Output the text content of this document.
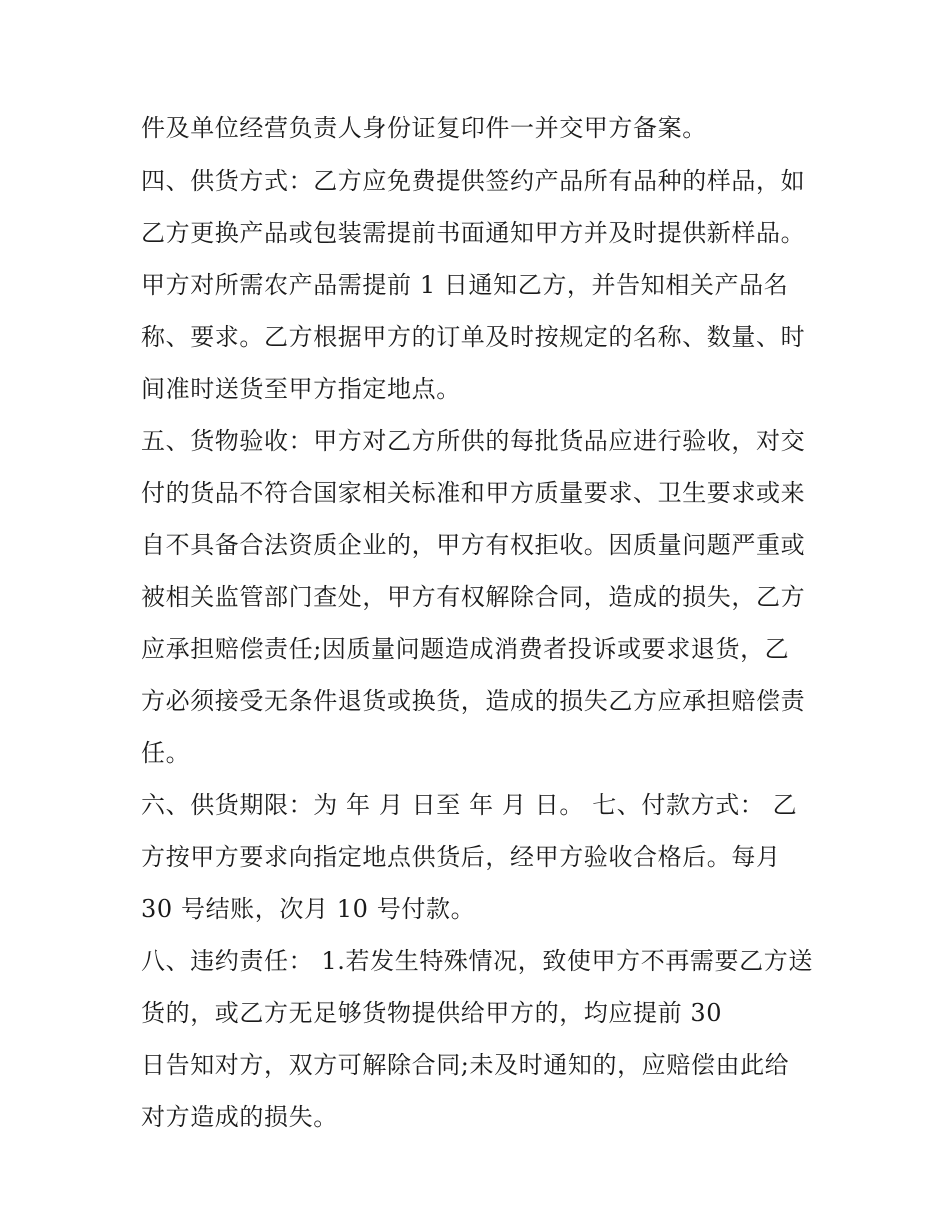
件及单位经营负责人身份证复印件一并交甲方备案。
四、供货方式：乙方应免费提供签约产品所有品种的样品，如
乙方更换产品或包装需提前书面通知甲方并及时提供新样品。
甲方对所需农产品需提前 1 日通知乙方，并告知相关产品名
称、要求。乙方根据甲方的订单及时按规定的名称、数量、时
间准时送货至甲方指定地点。
五、货物验收：甲方对乙方所供的每批货品应进行验收，对交
付的货品不符合国家相关标准和甲方质量要求、卫生要求或来
自不具备合法资质企业的，甲方有权拒收。因质量问题严重或
被相关监管部门查处，甲方有权解除合同，造成的损失，乙方
应承担赔偿责任;因质量问题造成消费者投诉或要求退货，乙
方必须接受无条件退货或换货，造成的损失乙方应承担赔偿责
任。
六、供货期限：为 年 月 日至 年 月 日。 七、付款方式： 乙
方按甲方要求向指定地点供货后，经甲方验收合格后。每月
30 号结账，次月 10 号付款。
八、违约责任： 1.若发生特殊情况，致使甲方不再需要乙方送
货的，或乙方无足够货物提供给甲方的，均应提前 30
日告知对方，双方可解除合同;未及时通知的，应赔偿由此给
对方造成的损失。
